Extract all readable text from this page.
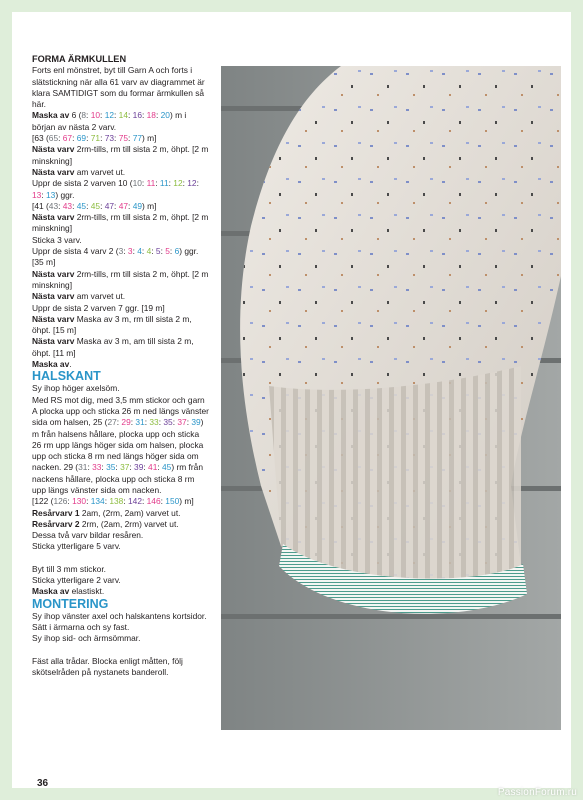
FORMA ÄRMKULLEN

Forts enl mönstret, byt till Garn A och forts i slätstickning när alla 61 varv av diagrammet är klara SAMTIDIGT som du formar ärmkullen så här.

Maska av 6 (8: 10: 12: 14: 16: 18: 20) m i början av nästa 2 varv.

[63 (65: 67: 69: 71: 73: 75: 77) m]

Nästa varv 2rm-tills, rm till sista 2 m, öhpt. [2 m minskning]

Nästa varv am varvet ut.

Uppr de sista 2 varven 10 (10: 11: 11: 12: 12: 13: 13) ggr.

[41 (43: 43: 45: 45: 47: 47: 49) m]

Nästa varv 2rm-tills, rm till sista 2 m, öhpt. [2 m minskning]

Sticka 3 varv.

Uppr de sista 4 varv 2 (3: 3: 4: 4: 5: 5: 6) ggr. [35 m]

Nästa varv 2rm-tills, rm till sista 2 m, öhpt. [2 m minskning]

Nästa varv am varvet ut.

Uppr de sista 2 varven 7 ggr. [19 m]

Nästa varv Maska av 3 m, rm till sista 2 m, öhpt. [15 m]

Nästa varv Maska av 3 m, am till sista 2 m, öhpt. [11 m]

Maska av.

HALSKANT

Sy ihop höger axelsöm.

Med RS mot dig, med 3,5 mm stickor och garn A plocka upp och sticka 26 m ned längs vänster sida om halsen, 25 (27: 29: 31: 33: 35: 37: 39) m från halsens hållare, plocka upp och sticka 26 rm upp längs höger sida om halsen, plocka upp och sticka 8 rm ned längs höger sida om nacken. 29 (31: 33: 35: 37: 39: 41: 45) rm från nackens hållare, plocka upp och sticka 8 rm upp längs vänster sida om nacken.

[122 (126: 130: 134: 138: 142: 146: 150) m]

Resårvarv 1 2am, (2rm, 2am) varvet ut.

Resårvarv 2 2rm, (2am, 2rm) varvet ut.

Dessa två varv bildar resåren.

Sticka ytterligare 5 varv.

Byt till 3 mm stickor.

Sticka ytterligare 2 varv.

Maska av elastiskt.

MONTERING

Sy ihop vänster axel och halskantens kortsidor. Sätt i ärmarna och sy fast.

Sy ihop sid- och ärmsömmar.

Fäst alla trådar. Blocka enligt måtten, följ skötselråden på nystanets banderoll.

36
PassionForum.ru
